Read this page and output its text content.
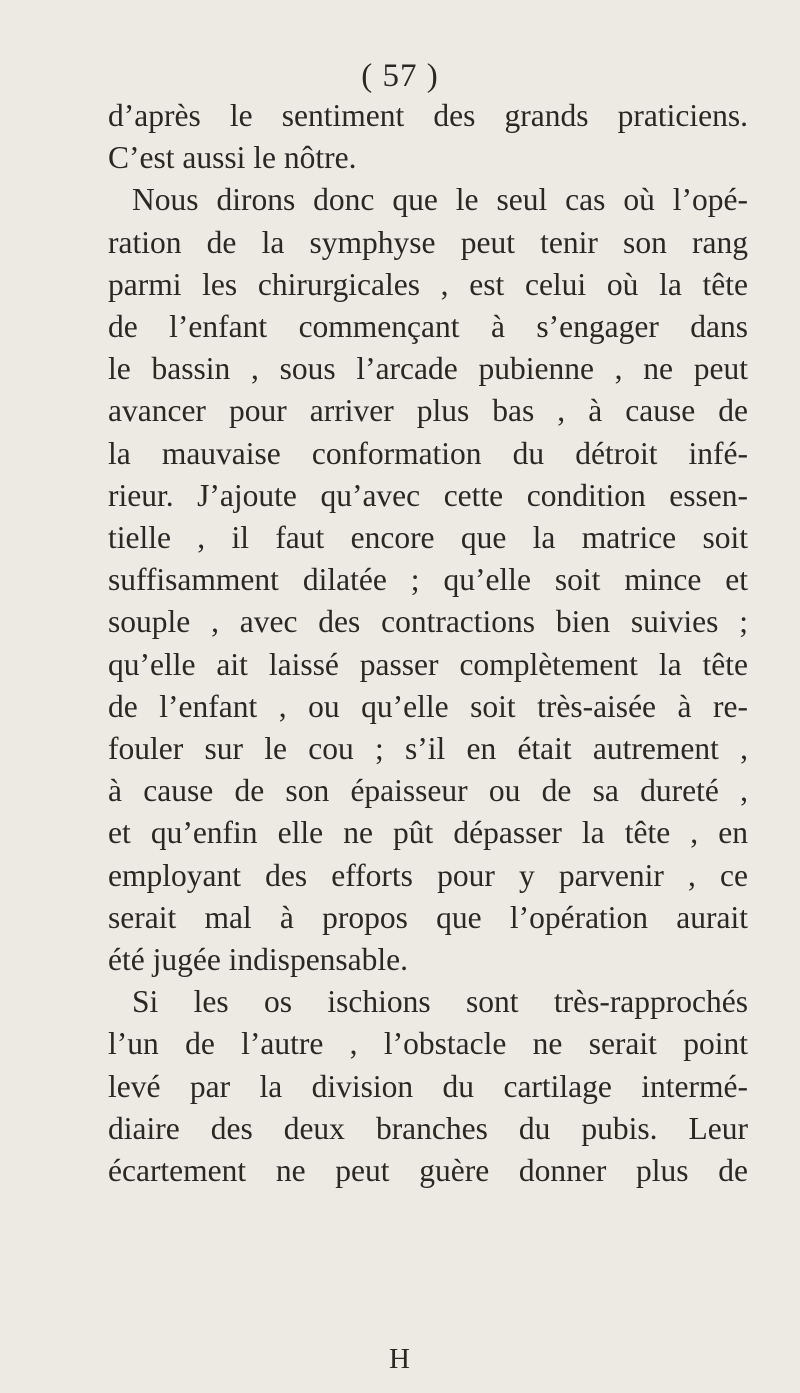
( 57 )
d’après le sentiment des grands praticiens.
C’est aussi le nôtre.
Nous dirons donc que le seul cas où l’opé-
ration de la symphyse peut tenir son rang
parmi les chirurgicales , est celui où la tête
de l’enfant commençant à s’engager dans
le bassin , sous l’arcade pubienne , ne peut
avancer pour arriver plus bas , à cause de
la mauvaise conformation du détroit infé-
rieur. J’ajoute qu’avec cette condition essen-
tielle , il faut encore que la matrice soit
suffisamment dilatée ; qu’elle soit mince et
souple , avec des contractions bien suivies ;
qu’elle ait laissé passer complètement la tête
de l’enfant , ou qu’elle soit très-aisée à re-
fouler sur le cou ; s’il en était autrement ,
à cause de son épaisseur ou de sa dureté ,
et qu’enfin elle ne pût dépasser la tête , en
employant des efforts pour y parvenir , ce
serait mal à propos que l’opération aurait
été jugée indispensable.
Si les os ischions sont très-rapprochés
l’un de l’autre , l’obstacle ne serait point
levé par la division du cartilage intermé-
diaire des deux branches du pubis. Leur
écartement ne peut guère donner plus de
H
